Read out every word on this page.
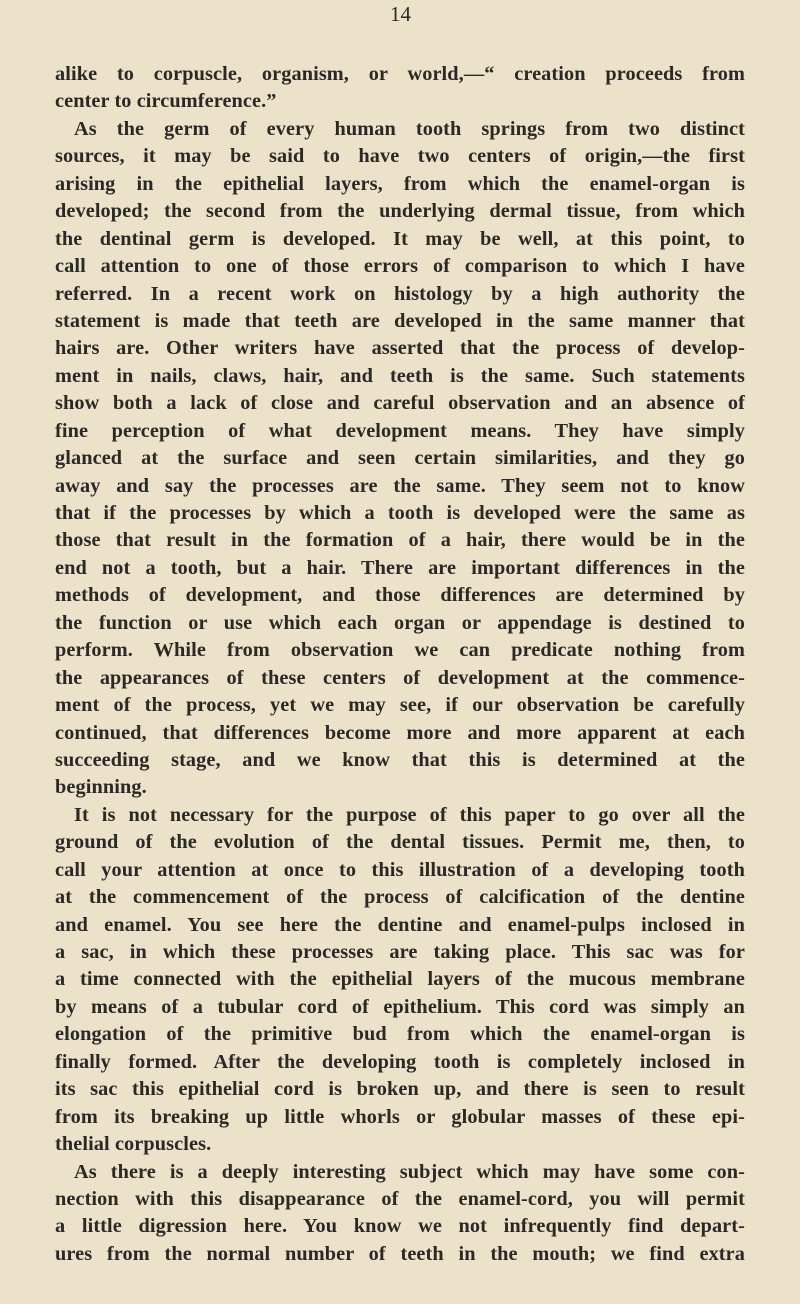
14
alike to corpuscle, organism, or world,—“ creation proceeds from
center to circumference.”
As the germ of every human tooth springs from two distinct
sources, it may be said to have two centers of origin,—the first
arising in the epithelial layers, from which the enamel-organ is
developed; the second from the underlying dermal tissue, from which
the dentinal germ is developed. It may be well, at this point, to
call attention to one of those errors of comparison to which I have
referred. In a recent work on histology by a high authority the
statement is made that teeth are developed in the same manner that
hairs are. Other writers have asserted that the process of develop-
ment in nails, claws, hair, and teeth is the same. Such statements
show both a lack of close and careful observation and an absence of
fine perception of what development means. They have simply
glanced at the surface and seen certain similarities, and they go
away and say the processes are the same. They seem not to know
that if the processes by which a tooth is developed were the same as
those that result in the formation of a hair, there would be in the
end not a tooth, but a hair. There are important differences in the
methods of development, and those differences are determined by
the function or use which each organ or appendage is destined to
perform. While from observation we can predicate nothing from
the appearances of these centers of development at the commence-
ment of the process, yet we may see, if our observation be carefully
continued, that differences become more and more apparent at each
succeeding stage, and we know that this is determined at the
beginning.
It is not necessary for the purpose of this paper to go over all the
ground of the evolution of the dental tissues. Permit me, then, to
call your attention at once to this illustration of a developing tooth
at the commencement of the process of calcification of the dentine
and enamel. You see here the dentine and enamel-pulps inclosed in
a sac, in which these processes are taking place. This sac was for
a time connected with the epithelial layers of the mucous membrane
by means of a tubular cord of epithelium. This cord was simply an
elongation of the primitive bud from which the enamel-organ is
finally formed. After the developing tooth is completely inclosed in
its sac this epithelial cord is broken up, and there is seen to result
from its breaking up little whorls or globular masses of these epi-
thelial corpuscles.
As there is a deeply interesting subject which may have some con-
nection with this disappearance of the enamel-cord, you will permit
a little digression here. You know we not infrequently find depart-
ures from the normal number of teeth in the mouth; we find extra
